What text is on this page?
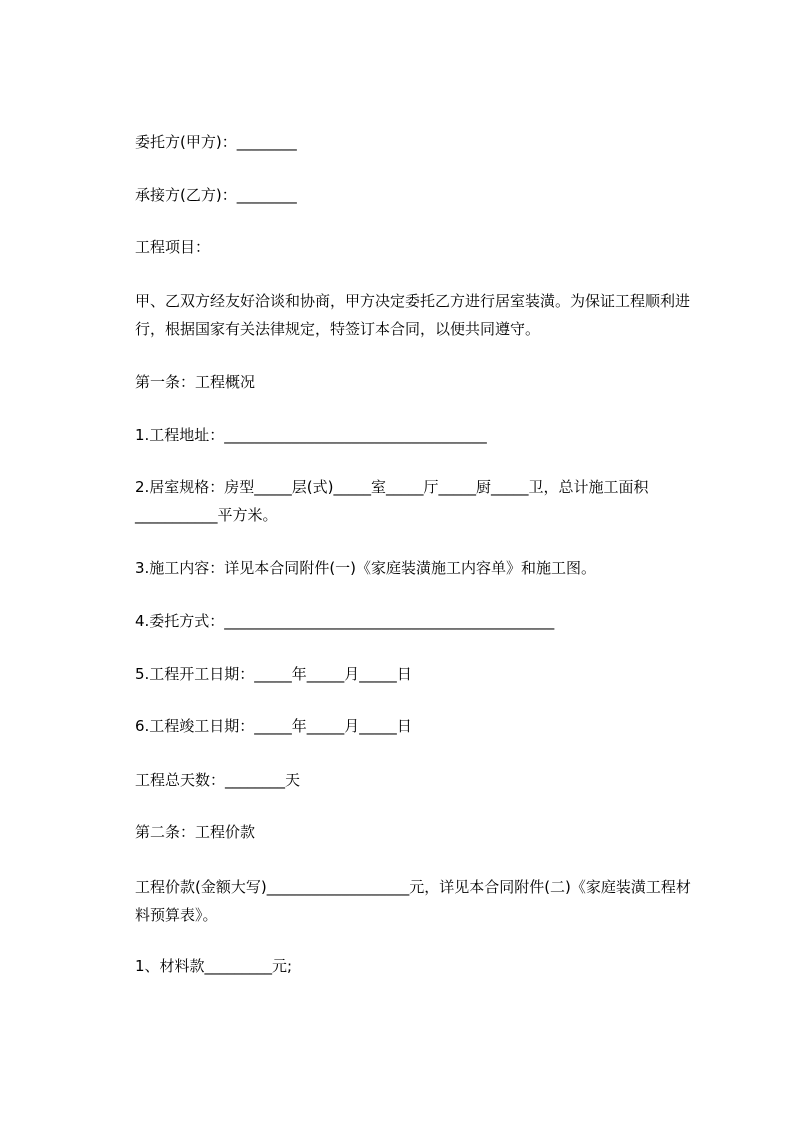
委托方(甲方)：________

承接方(乙方)：________

工程项目：

甲、乙双方经友好洽谈和协商，甲方决定委托乙方进行居室装潢。为保证工程顺利进行，根据国家有关法律规定，特签订本合同，以便共同遵守。

第一条：工程概况

1.工程地址：___________________________________

2.居室规格：房型_____层(式)_____室_____厅_____厨_____卫，总计施工面积___________平方米。

3.施工内容：详见本合同附件(一)《家庭装潢施工内容单》和施工图。

4.委托方式：____________________________________________

5.工程开工日期：_____年_____月_____日

6.工程竣工日期：_____年_____月_____日

工程总天数：________天

第二条：工程价款

工程价款(金额大写)___________________元，详见本合同附件(二)《家庭装潢工程材料预算表》。

1、材料款_________元;
